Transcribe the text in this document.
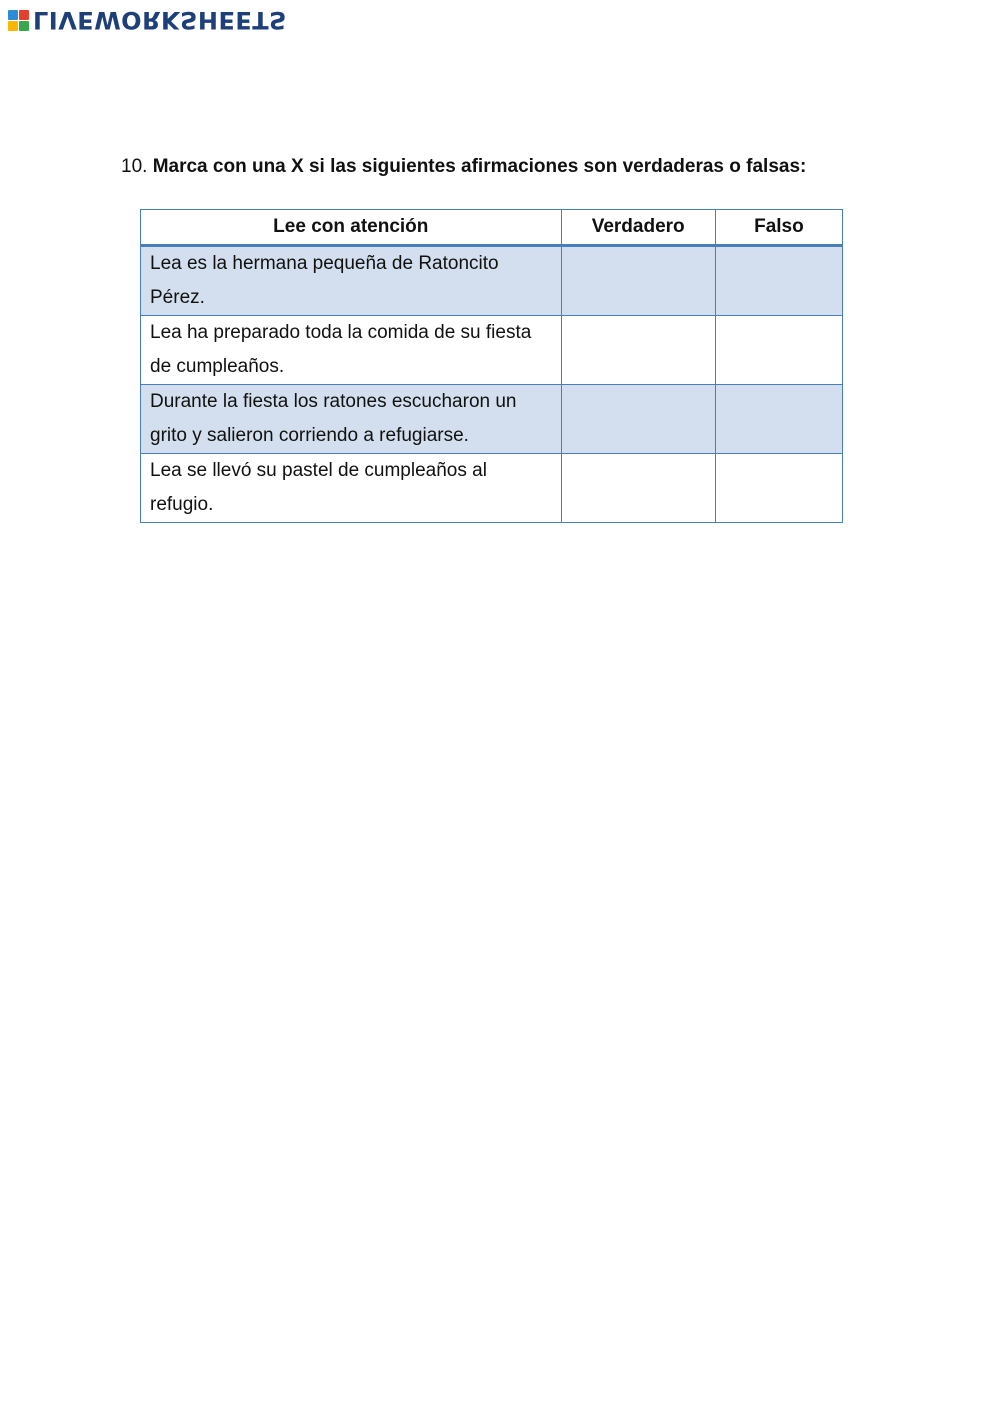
LIVEWORKSHEETS
10. Marca con una X si las siguientes afirmaciones son verdaderas o falsas:
Lee con atención	Verdadero	Falso
Lea es la hermana pequeña de Ratoncito Pérez.		
Lea ha preparado toda la comida de su fiesta de cumpleaños.		
Durante la fiesta los ratones escucharon un grito y salieron corriendo a refugiarse.		
Lea se llevó su pastel de cumpleaños al refugio.		
